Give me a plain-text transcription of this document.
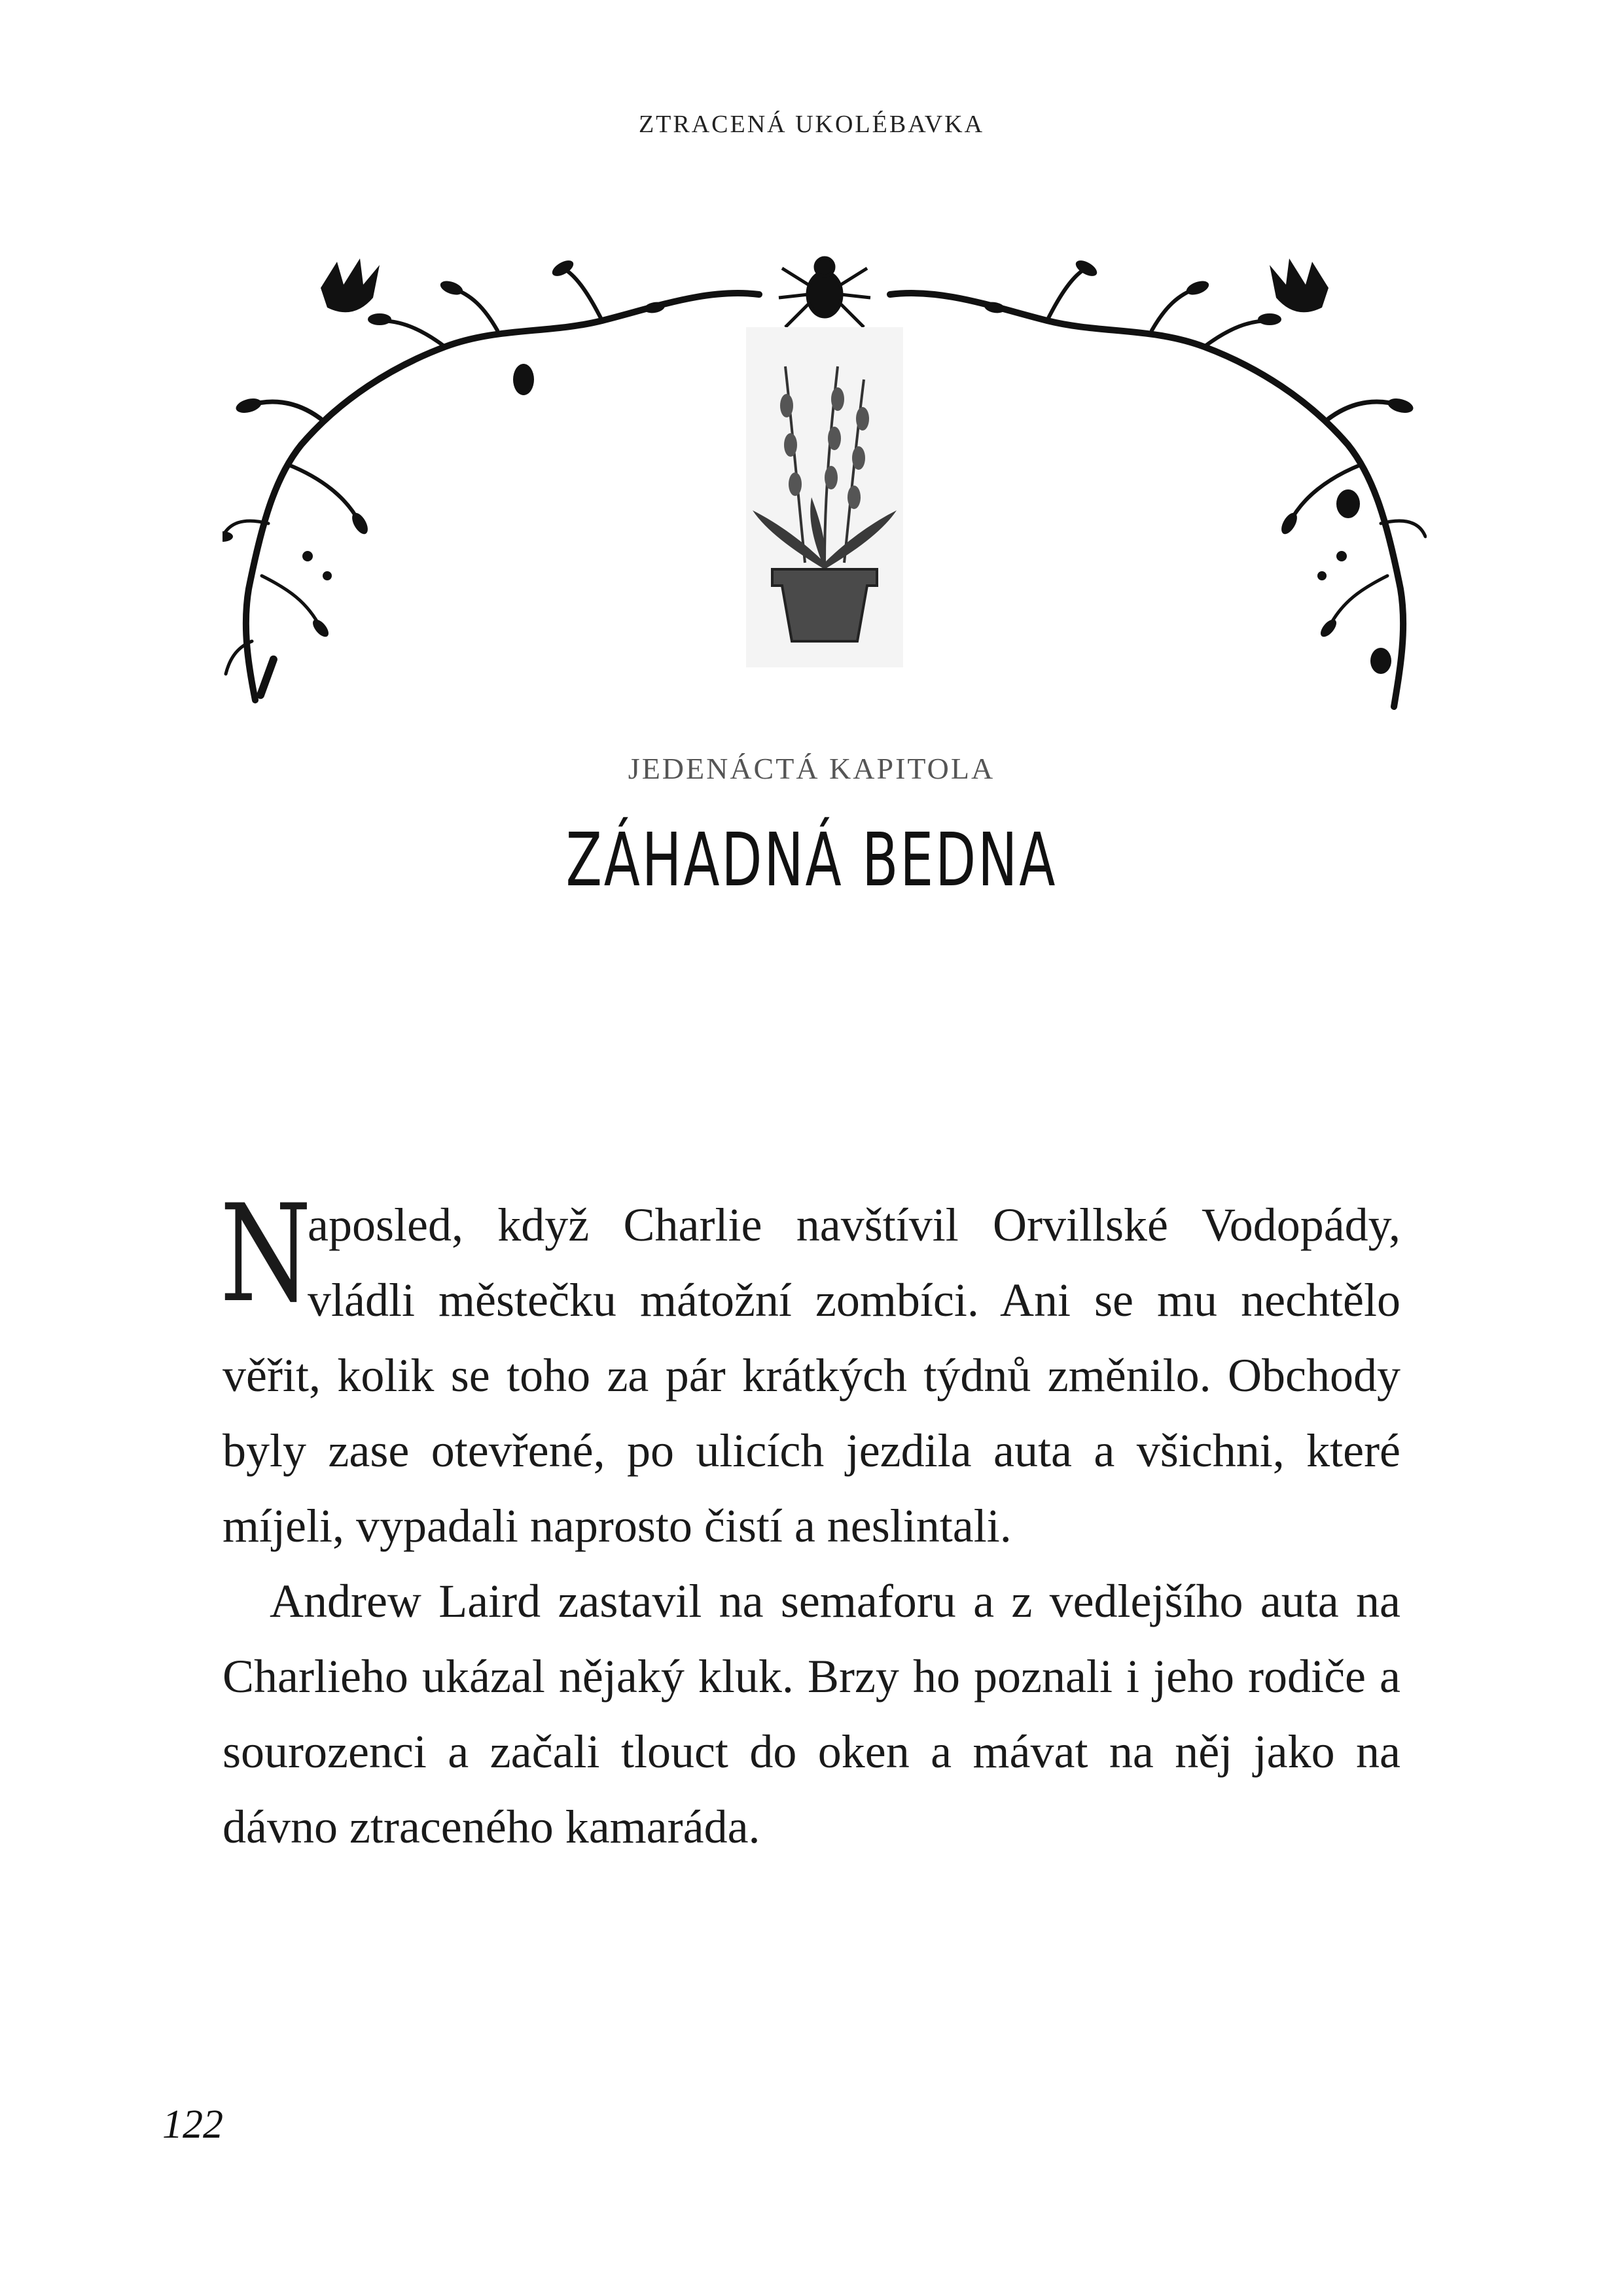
ZTRACENÁ UKOLÉBAVKA
JEDENÁCTÁ KAPITOLA
ZÁHADNÁ BEDNA

N
aposled, když Charlie navštívil Orvillské Vodopády, vládli městečku mátožní zombíci. Ani se mu nechtělo věřit, kolik se toho za pár krátkých týdnů změnilo. Obchody byly zase otevřené, po ulicích jezdila auta a všichni, které míjeli, vypadali naprosto čistí a neslintali.

Andrew Laird zastavil na semaforu a z vedlejšího auta na Charlieho ukázal nějaký kluk. Brzy ho poznali i jeho rodiče a sourozenci a začali tlouct do oken a mávat na něj jako na dávno ztraceného kamaráda.

122
